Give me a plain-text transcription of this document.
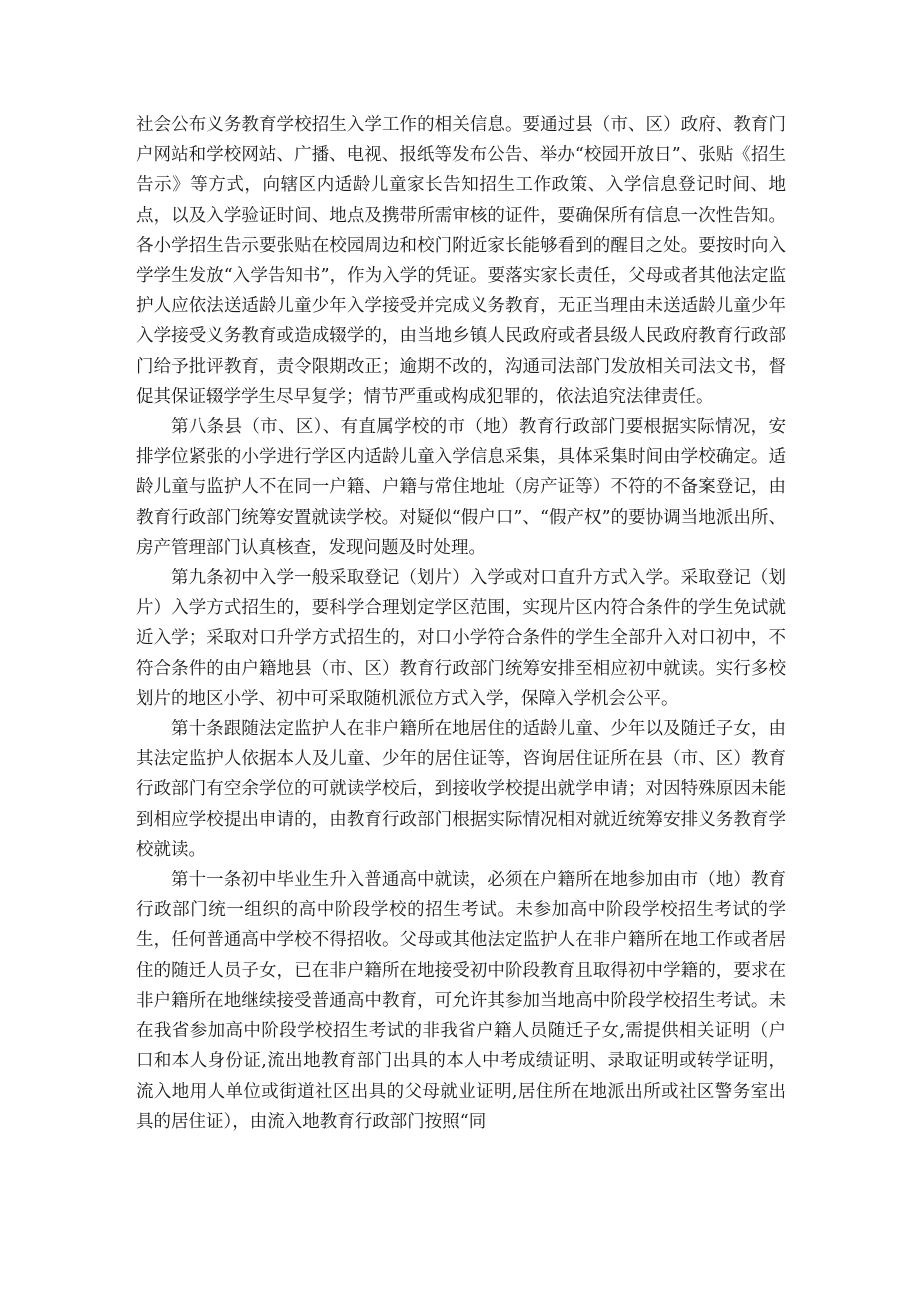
社会公布义务教育学校招生入学工作的相关信息。要通过县（市、区）政府、教育门户网站和学校网站、广播、电视、报纸等发布公告、举办“校园开放日”、张贴《招生告示》等方式，向辖区内适龄儿童家长告知招生工作政策、入学信息登记时间、地点，以及入学验证时间、地点及携带所需审核的证件，要确保所有信息一次性告知。各小学招生告示要张贴在校园周边和校门附近家长能够看到的醒目之处。要按时向入学学生发放“入学告知书”，作为入学的凭证。要落实家长责任，父母或者其他法定监护人应依法送适龄儿童少年入学接受并完成义务教育，无正当理由未送适龄儿童少年入学接受义务教育或造成辍学的，由当地乡镇人民政府或者县级人民政府教育行政部门给予批评教育，责令限期改正；逾期不改的，沟通司法部门发放相关司法文书，督促其保证辍学学生尽早复学；情节严重或构成犯罪的，依法追究法律责任。

第八条县（市、区）、有直属学校的市（地）教育行政部门要根据实际情况，安排学位紧张的小学进行学区内适龄儿童入学信息采集，具体采集时间由学校确定。适龄儿童与监护人不在同一户籍、户籍与常住地址（房产证等）不符的不备案登记，由教育行政部门统筹安置就读学校。对疑似“假户口”、“假产权”的要协调当地派出所、房产管理部门认真核查，发现问题及时处理。

第九条初中入学一般采取登记（划片）入学或对口直升方式入学。采取登记（划片）入学方式招生的，要科学合理划定学区范围，实现片区内符合条件的学生免试就近入学；采取对口升学方式招生的，对口小学符合条件的学生全部升入对口初中，不符合条件的由户籍地县（市、区）教育行政部门统筹安排至相应初中就读。实行多校划片的地区小学、初中可采取随机派位方式入学，保障入学机会公平。

第十条跟随法定监护人在非户籍所在地居住的适龄儿童、少年以及随迁子女，由其法定监护人依据本人及儿童、少年的居住证等，咨询居住证所在县（市、区）教育行政部门有空余学位的可就读学校后，到接收学校提出就学申请；对因特殊原因未能到相应学校提出申请的，由教育行政部门根据实际情况相对就近统筹安排义务教育学校就读。

第十一条初中毕业生升入普通高中就读，必须在户籍所在地参加由市（地）教育行政部门统一组织的高中阶段学校的招生考试。未参加高中阶段学校招生考试的学生，任何普通高中学校不得招收。父母或其他法定监护人在非户籍所在地工作或者居住的随迁人员子女，已在非户籍所在地接受初中阶段教育且取得初中学籍的，要求在非户籍所在地继续接受普通高中教育，可允许其参加当地高中阶段学校招生考试。未在我省参加高中阶段学校招生考试的非我省户籍人员随迁子女,需提供相关证明（户口和本人身份证,流出地教育部门出具的本人中考成绩证明、录取证明或转学证明，流入地用人单位或街道社区出具的父母就业证明,居住所在地派出所或社区警务室出具的居住证），由流入地教育行政部门按照“同
